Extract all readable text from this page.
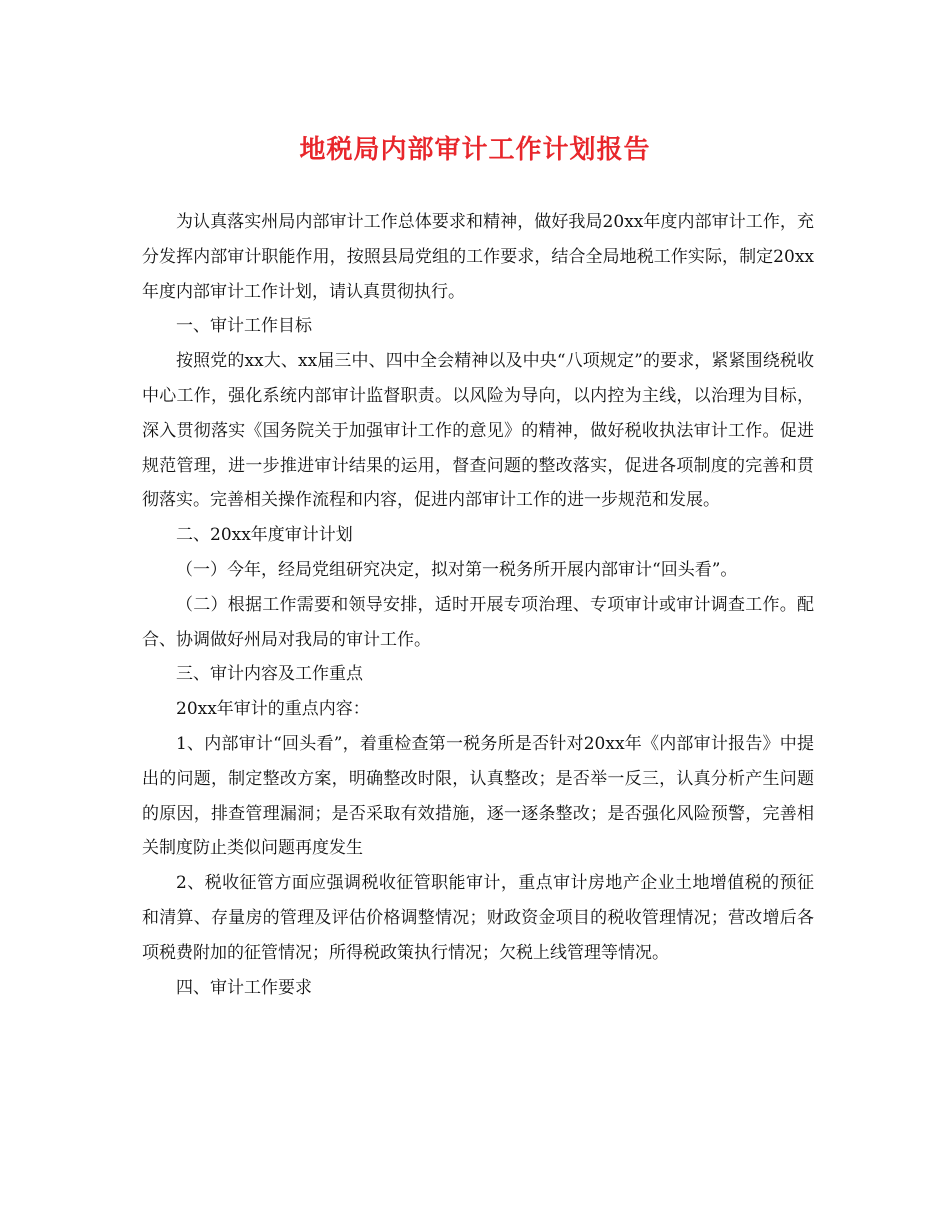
地税局内部审计工作计划报告

为认真落实州局内部审计工作总体要求和精神，做好我局20xx年度内部审计工作，充分发挥内部审计职能作用，按照县局党组的工作要求，结合全局地税工作实际，制定20xx年度内部审计工作计划，请认真贯彻执行。

一、审计工作目标

按照党的xx大、xx届三中、四中全会精神以及中央“八项规定”的要求，紧紧围绕税收中心工作，强化系统内部审计监督职责。以风险为导向，以内控为主线，以治理为目标，深入贯彻落实《国务院关于加强审计工作的意见》的精神，做好税收执法审计工作。促进规范管理，进一步推进审计结果的运用，督查问题的整改落实，促进各项制度的完善和贯彻落实。完善相关操作流程和内容，促进内部审计工作的进一步规范和发展。

二、20xx年度审计计划

（一）今年，经局党组研究决定，拟对第一税务所开展内部审计“回头看”。

（二）根据工作需要和领导安排，适时开展专项治理、专项审计或审计调查工作。配合、协调做好州局对我局的审计工作。

三、审计内容及工作重点

20xx年审计的重点内容：

1、内部审计“回头看”，着重检查第一税务所是否针对20xx年《内部审计报告》中提出的问题，制定整改方案，明确整改时限，认真整改；是否举一反三，认真分析产生问题的原因，排查管理漏洞；是否采取有效措施，逐一逐条整改；是否强化风险预警，完善相关制度防止类似问题再度发生

2、税收征管方面应强调税收征管职能审计，重点审计房地产企业土地增值税的预征和清算、存量房的管理及评估价格调整情况；财政资金项目的税收管理情况；营改增后各项税费附加的征管情况；所得税政策执行情况；欠税上线管理等情况。

四、审计工作要求
